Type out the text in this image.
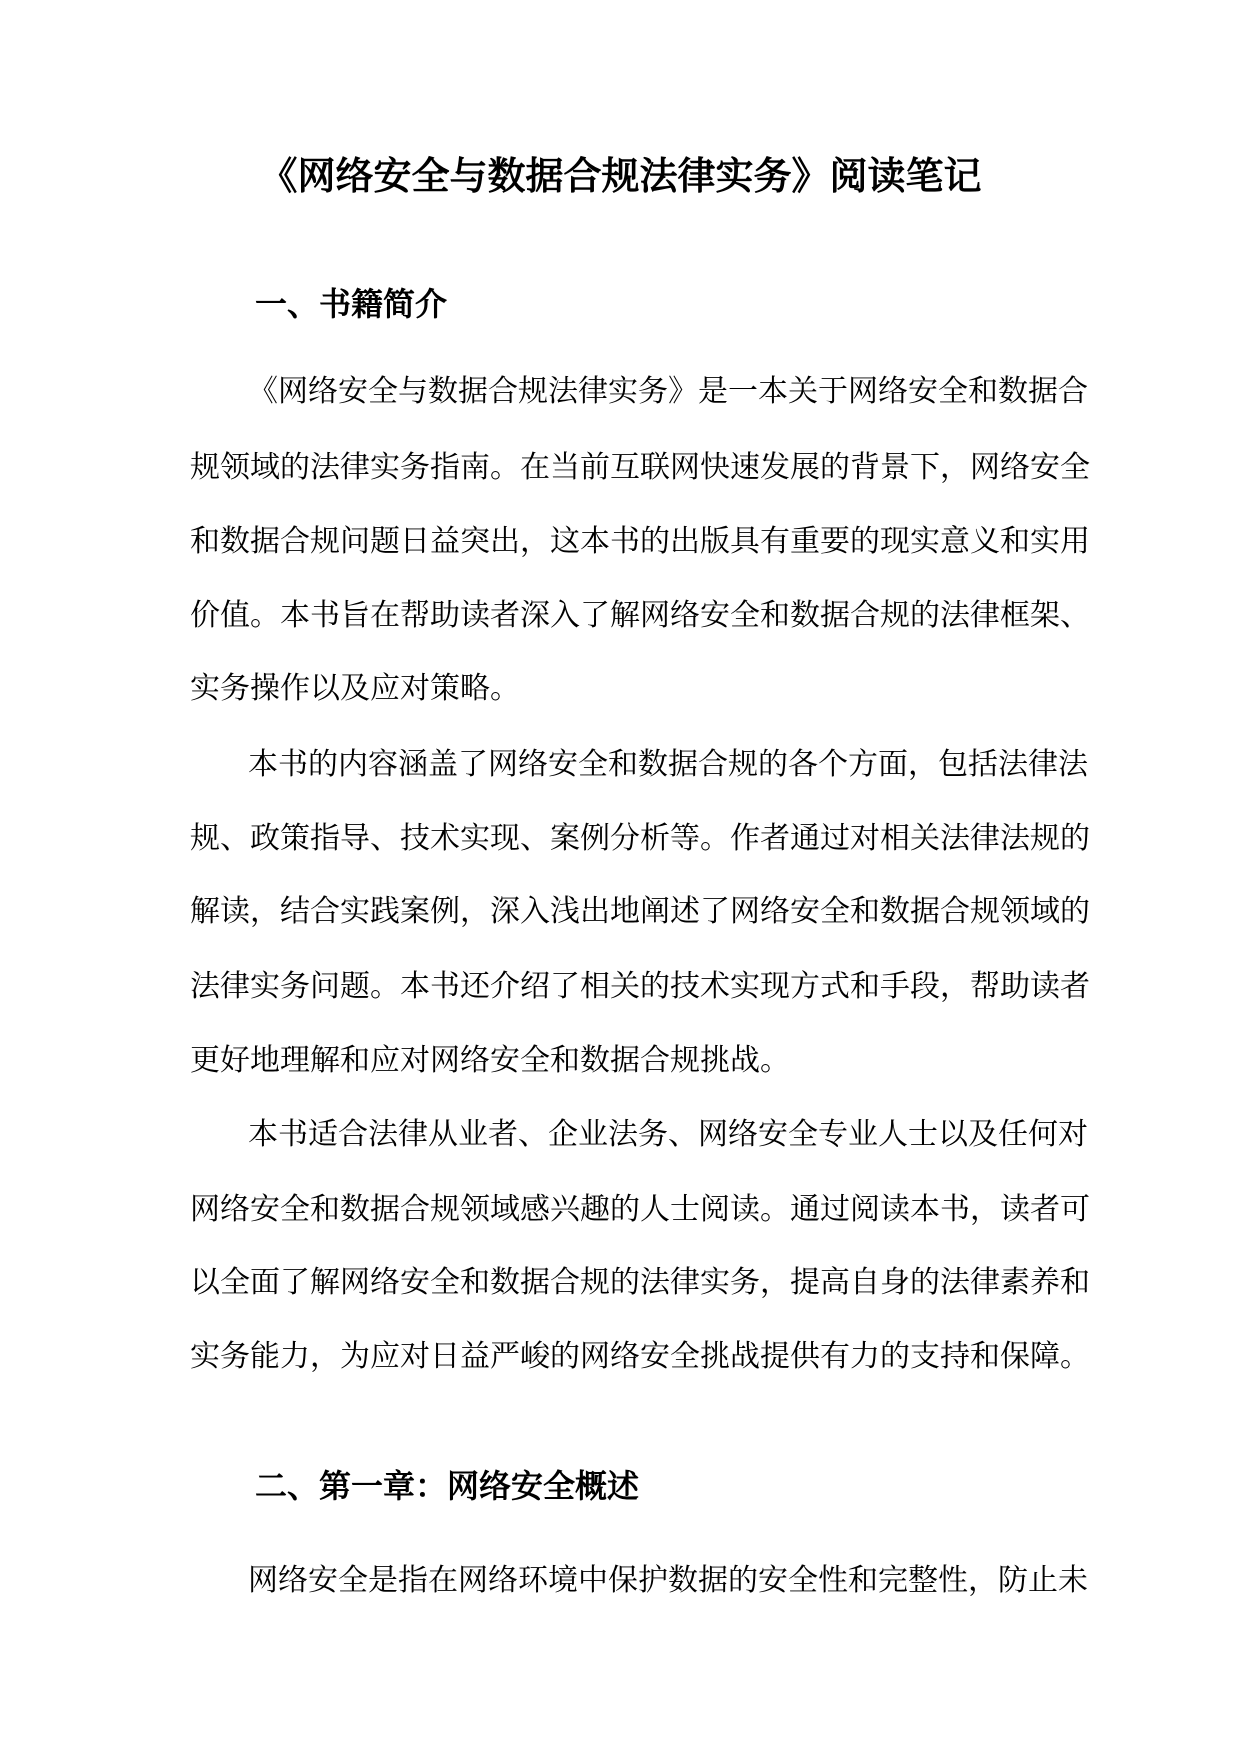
《网络安全与数据合规法律实务》阅读笔记
一、书籍简介

《网络安全与数据合规法律实务》是一本关于网络安全和数据合

规领域的法律实务指南。在当前互联网快速发展的背景下，网络安全

和数据合规问题日益突出，这本书的出版具有重要的现实意义和实用

价值。本书旨在帮助读者深入了解网络安全和数据合规的法律框架、

实务操作以及应对策略。

本书的内容涵盖了网络安全和数据合规的各个方面，包括法律法

规、政策指导、技术实现、案例分析等。作者通过对相关法律法规的

解读，结合实践案例，深入浅出地阐述了网络安全和数据合规领域的

法律实务问题。本书还介绍了相关的技术实现方式和手段，帮助读者

更好地理解和应对网络安全和数据合规挑战。

本书适合法律从业者、企业法务、网络安全专业人士以及任何对

网络安全和数据合规领域感兴趣的人士阅读。通过阅读本书，读者可

以全面了解网络安全和数据合规的法律实务，提高自身的法律素养和

实务能力，为应对日益严峻的网络安全挑战提供有力的支持和保障。

二、第一章：网络安全概述

网络安全是指在网络环境中保护数据的安全性和完整性，防止未
